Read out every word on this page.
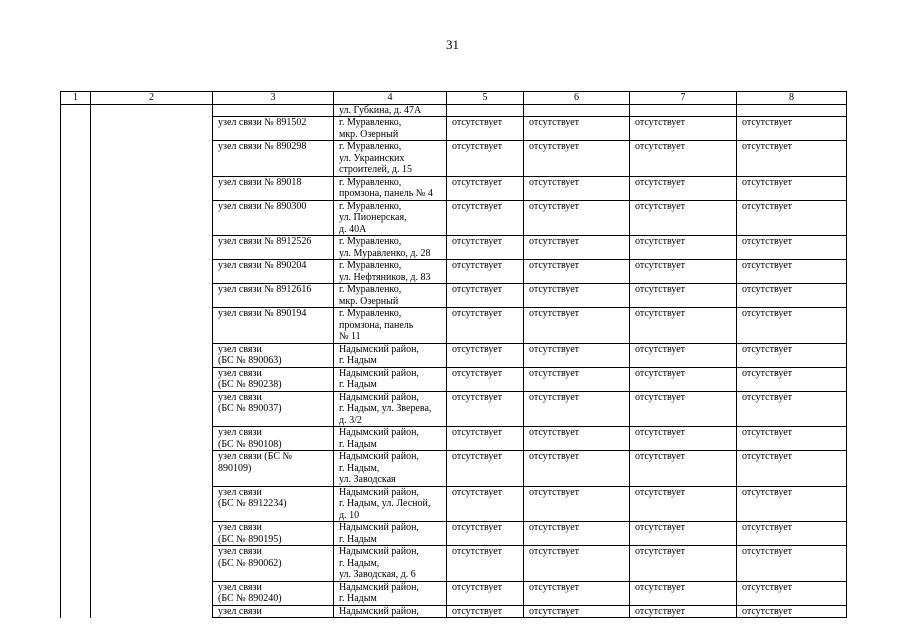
31
1	2	3	4	5	6	7	8
			ул. Губкина, д. 47А				
		узел связи № 891502	г. Муравленко,
мкр. Озерный	отсутствует	отсутствует	отсутствует	отсутствует
		узел связи № 890298	г. Муравленко,
ул. Украинских
строителей, д. 15	отсутствует	отсутствует	отсутствует	отсутствует
		узел связи № 89018	г. Муравленко,
промзона, панель № 4	отсутствует	отсутствует	отсутствует	отсутствует
		узел связи № 890300	г. Муравленко,
ул. Пионерская,
д. 40А	отсутствует	отсутствует	отсутствует	отсутствует
		узел связи № 8912526	г. Муравленко,
ул. Муравленко, д. 28	отсутствует	отсутствует	отсутствует	отсутствует
		узел связи № 890204	г. Муравленко,
ул. Нефтяников, д. 83	отсутствует	отсутствует	отсутствует	отсутствует
		узел связи № 8912616	г. Муравленко,
мкр. Озерный	отсутствует	отсутствует	отсутствует	отсутствует
		узел связи № 890194	г. Муравленко,
промзона, панель
№ 11	отсутствует	отсутствует	отсутствует	отсутствует
		узел связи
(БС № 890063)	Надымский район,
г. Надым	отсутствует	отсутствует	отсутствует	отсутствует
		узел связи
(БС № 890238)	Надымский район,
г. Надым	отсутствует	отсутствует	отсутствует	отсутствует
		узел связи
(БС № 890037)	Надымский район,
г. Надым, ул. Зверева,
д. 3/2	отсутствует	отсутствует	отсутствует	отсутствует
		узел связи
(БС № 890108)	Надымский район,
г. Надым	отсутствует	отсутствует	отсутствует	отсутствует
		узел связи (БС №
890109)	Надымский район,
г. Надым,
ул. Заводская	отсутствует	отсутствует	отсутствует	отсутствует
		узел связи
(БС № 8912234)	Надымский район,
г. Надым, ул. Лесной,
д. 10	отсутствует	отсутствует	отсутствует	отсутствует
		узел связи
(БС № 890195)	Надымский район,
г. Надым	отсутствует	отсутствует	отсутствует	отсутствует
		узел связи
(БС № 890062)	Надымский район,
г. Надым,
ул. Заводская, д. 6	отсутствует	отсутствует	отсутствует	отсутствует
		узел связи
(БС № 890240)	Надымский район,
г. Надым	отсутствует	отсутствует	отсутствует	отсутствует
		узел связи	Надымский район,	отсутствует	отсутствует	отсутствует	отсутствует
